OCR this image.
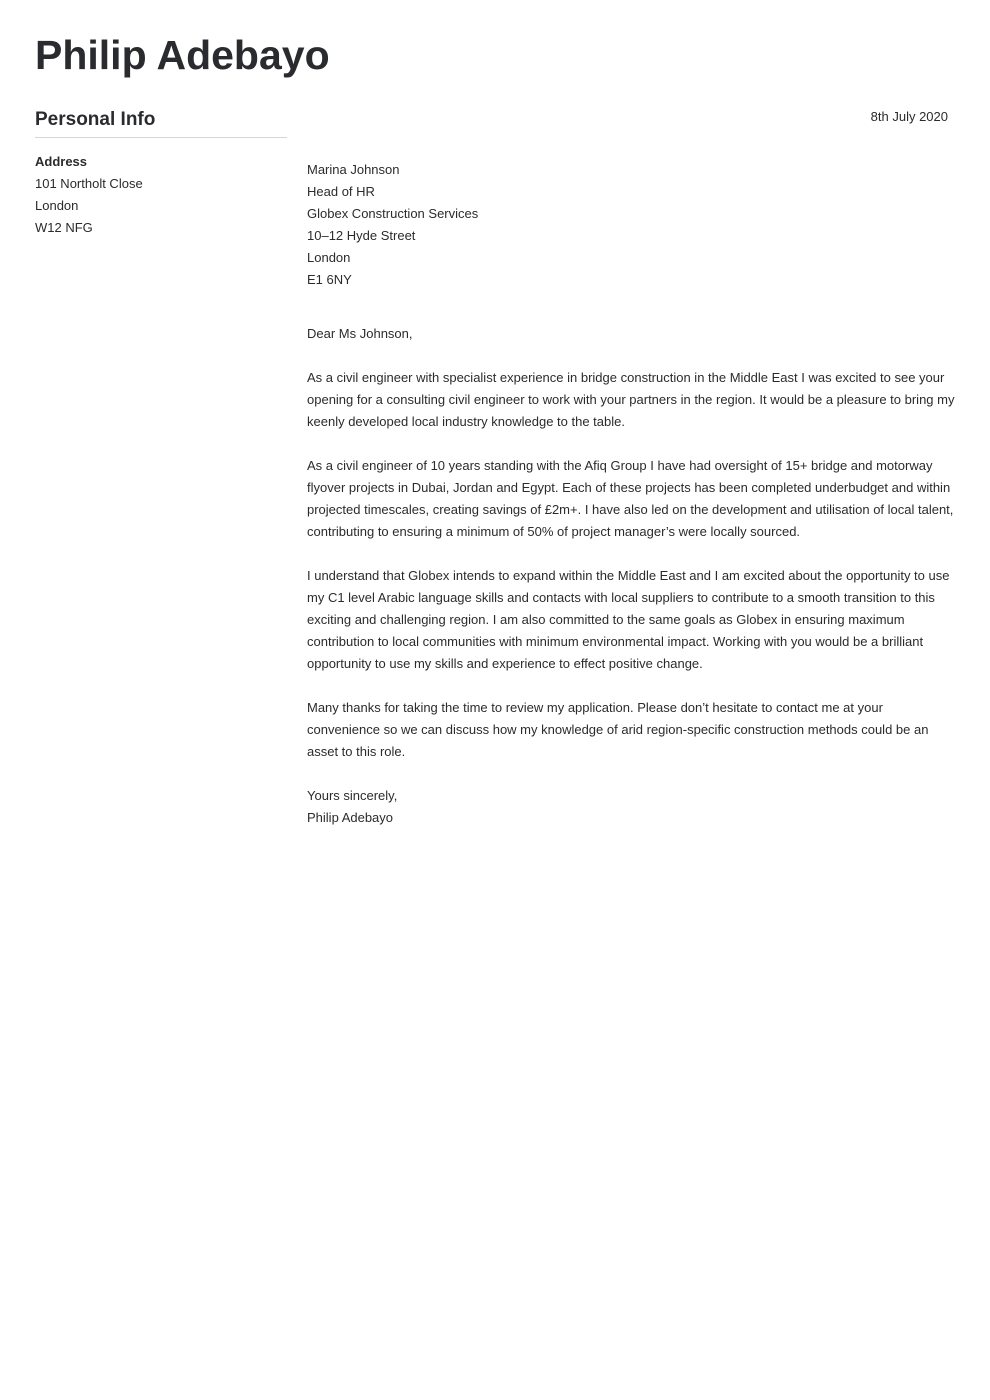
Philip Adebayo
Personal Info
Address
101 Northolt Close
London
W12 NFG
8th July 2020
Marina Johnson
Head of HR
Globex Construction Services
10–12 Hyde Street
London
E1 6NY
Dear Ms Johnson,

As a civil engineer with specialist experience in bridge construction in the Middle East I was excited to see your opening for a consulting civil engineer to work with your partners in the region. It would be a pleasure to bring my keenly developed local industry knowledge to the table.

As a civil engineer of 10 years standing with the Afiq Group I have had oversight of 15+ bridge and motorway flyover projects in Dubai, Jordan and Egypt. Each of these projects has been completed underbudget and within projected timescales, creating savings of £2m+. I have also led on the development and utilisation of local talent, contributing to ensuring a minimum of 50% of project manager’s were locally sourced.

I understand that Globex intends to expand within the Middle East and I am excited about the opportunity to use my C1 level Arabic language skills and contacts with local suppliers to contribute to a smooth transition to this exciting and challenging region. I am also committed to the same goals as Globex in ensuring maximum contribution to local communities with minimum environmental impact. Working with you would be a brilliant opportunity to use my skills and experience to effect positive change.

Many thanks for taking the time to review my application. Please don’t hesitate to contact me at your convenience so we can discuss how my knowledge of arid region-specific construction methods could be an asset to this role.

Yours sincerely,
Philip Adebayo
